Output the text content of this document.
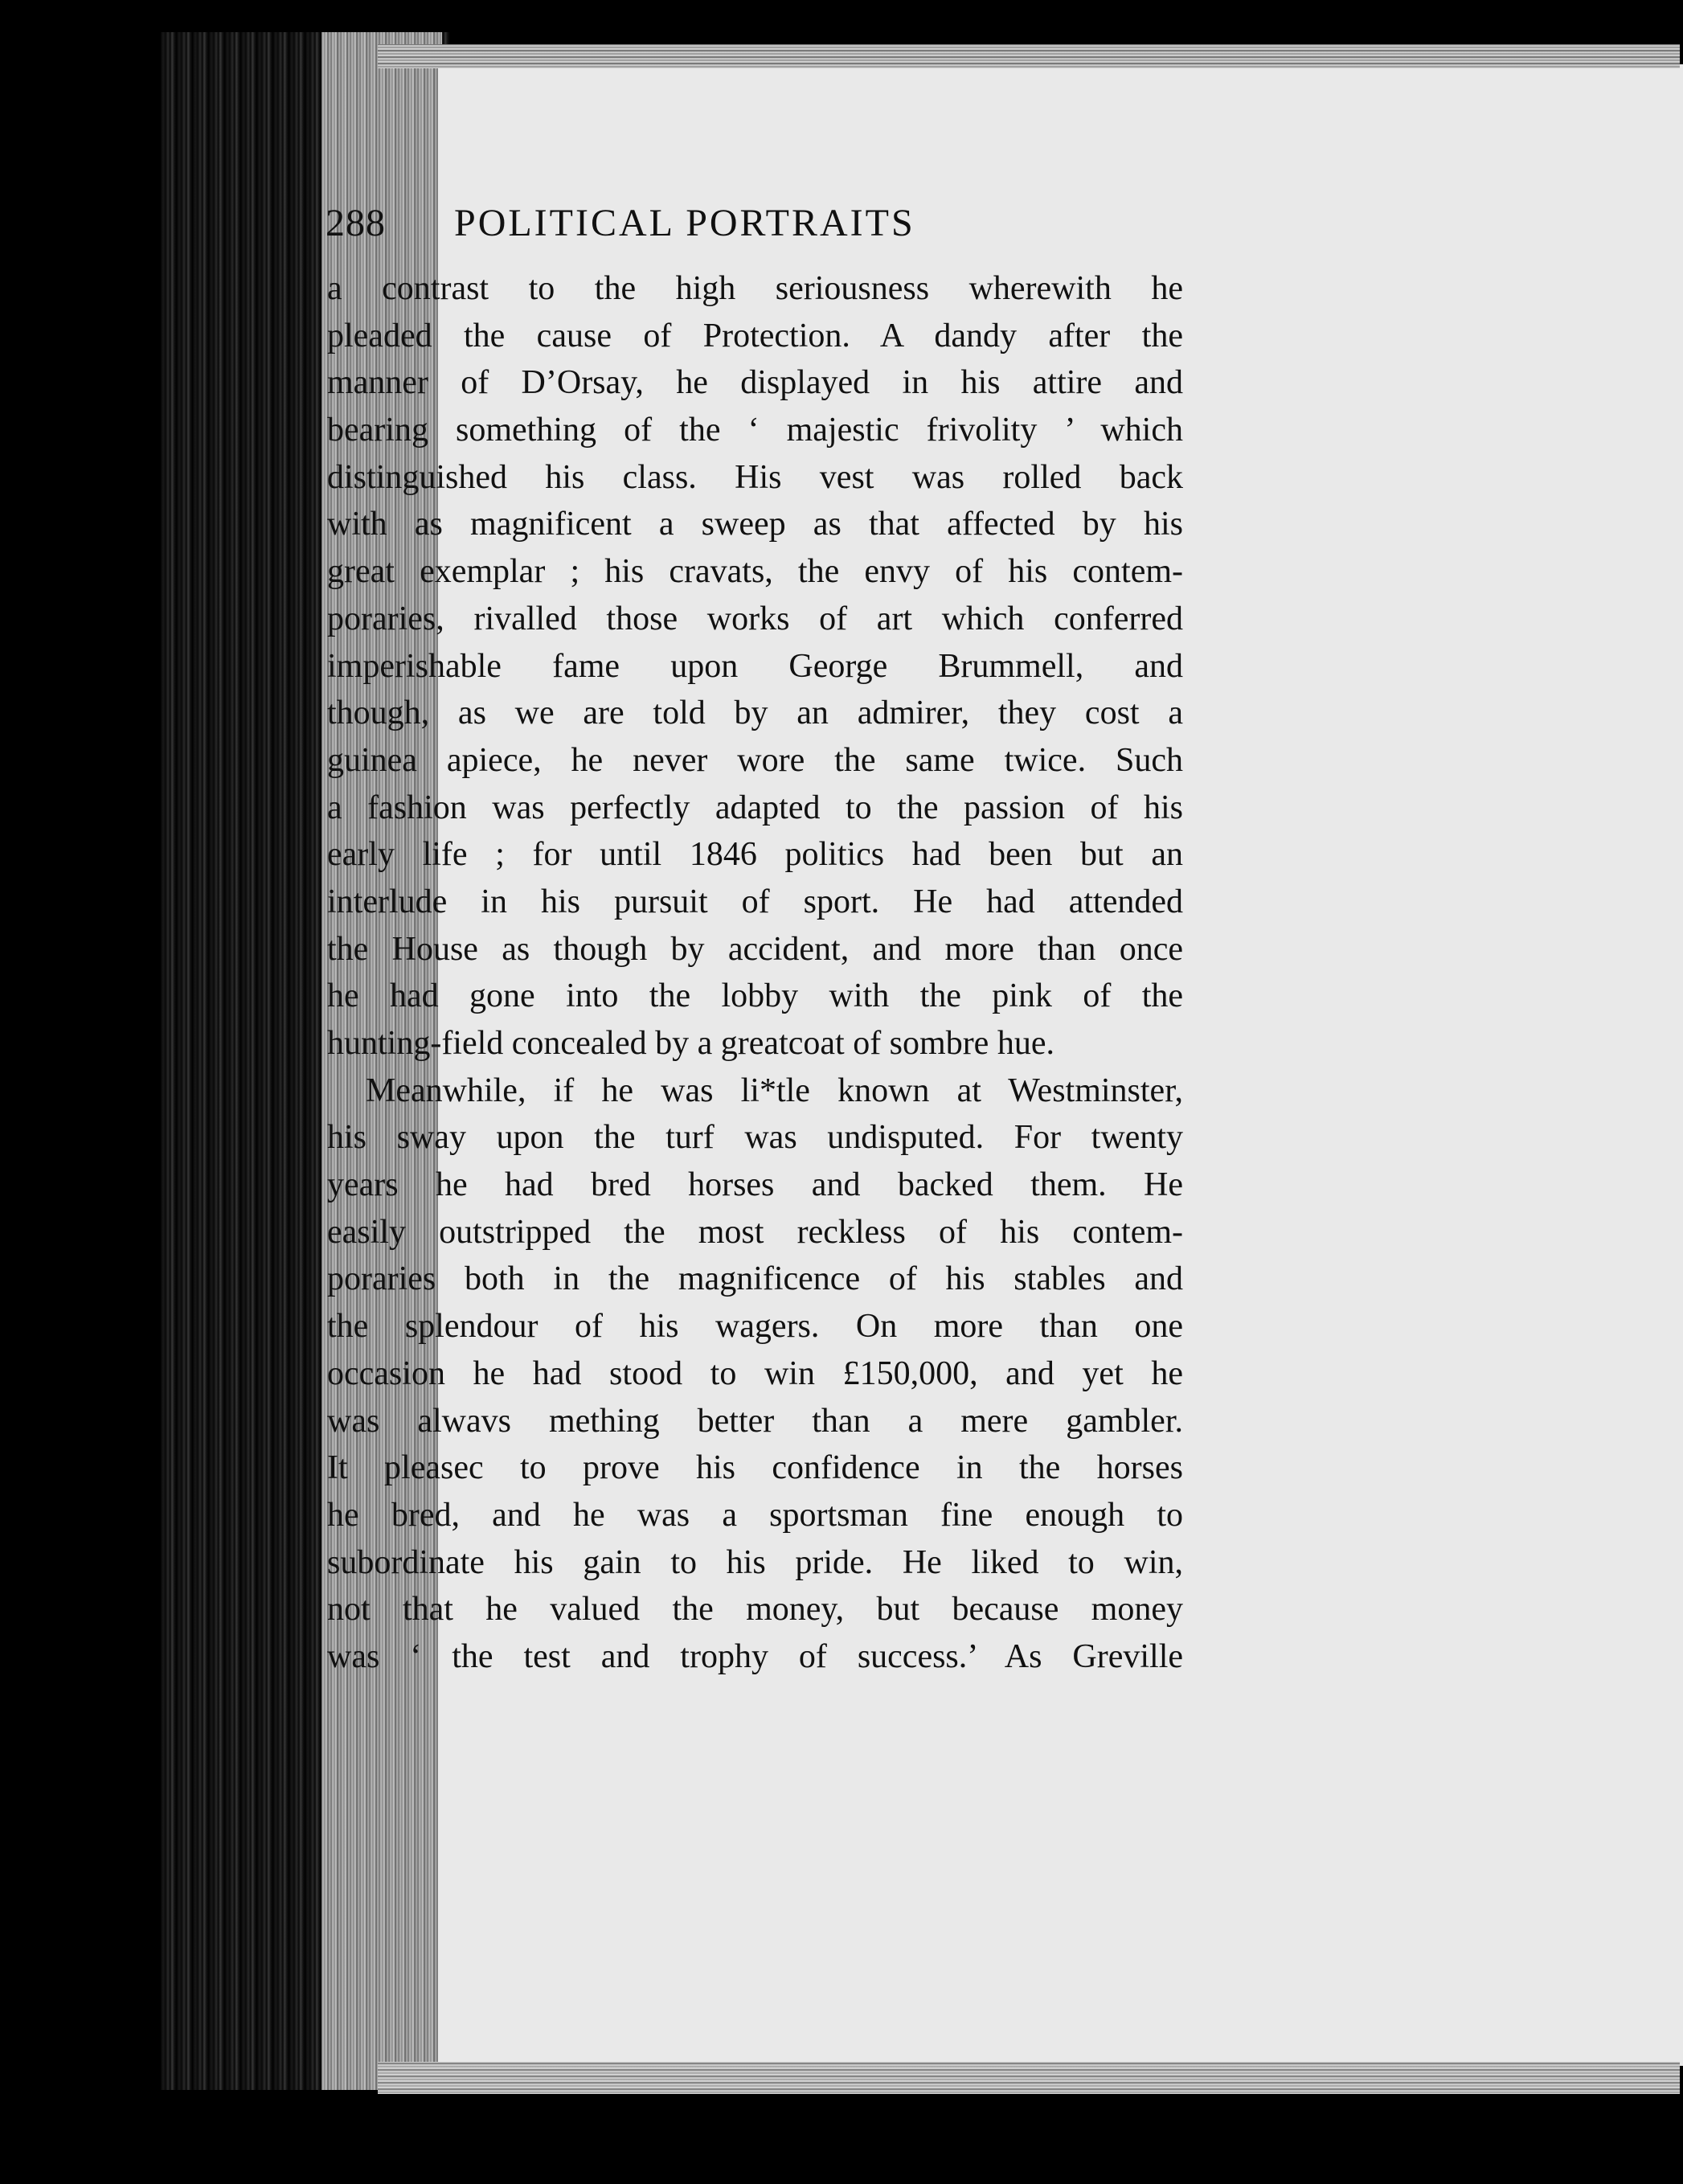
288 POLITICAL PORTRAITS
a contrast to the high seriousness wherewith he
pleaded the cause of Protection. A dandy after the
manner of D’Orsay, he displayed in his attire and
bearing something of the ‘ majestic frivolity ’ which
distinguished his class. His vest was rolled back
with as magnificent a sweep as that affected by his
great exemplar ; his cravats, the envy of his contem-
poraries, rivalled those works of art which conferred
imperishable fame upon George Brummell, and
though, as we are told by an admirer, they cost a
guinea apiece, he never wore the same twice. Such
a fashion was perfectly adapted to the passion of his
early life ; for until 1846 politics had been but an
interlude in his pursuit of sport. He had attended
the House as though by accident, and more than once
he had gone into the lobby with the pink of the
hunting-field concealed by a greatcoat of sombre hue.
Meanwhile, if he was li*tle known at Westminster,
his sway upon the turf was undisputed. For twenty
years he had bred horses and backed them. He
easily outstripped the most reckless of his contem-
poraries both in the magnificence of his stables and
the splendour of his wagers. On more than one
occasion he had stood to win £150,000, and yet he
was alwavs mething better than a mere gambler.
It pleasec to prove his confidence in the horses
he bred, and he was a sportsman fine enough to
subordinate his gain to his pride. He liked to win,
not that he valued the money, but because money
was ‘ the test and trophy of success.’ As Greville
